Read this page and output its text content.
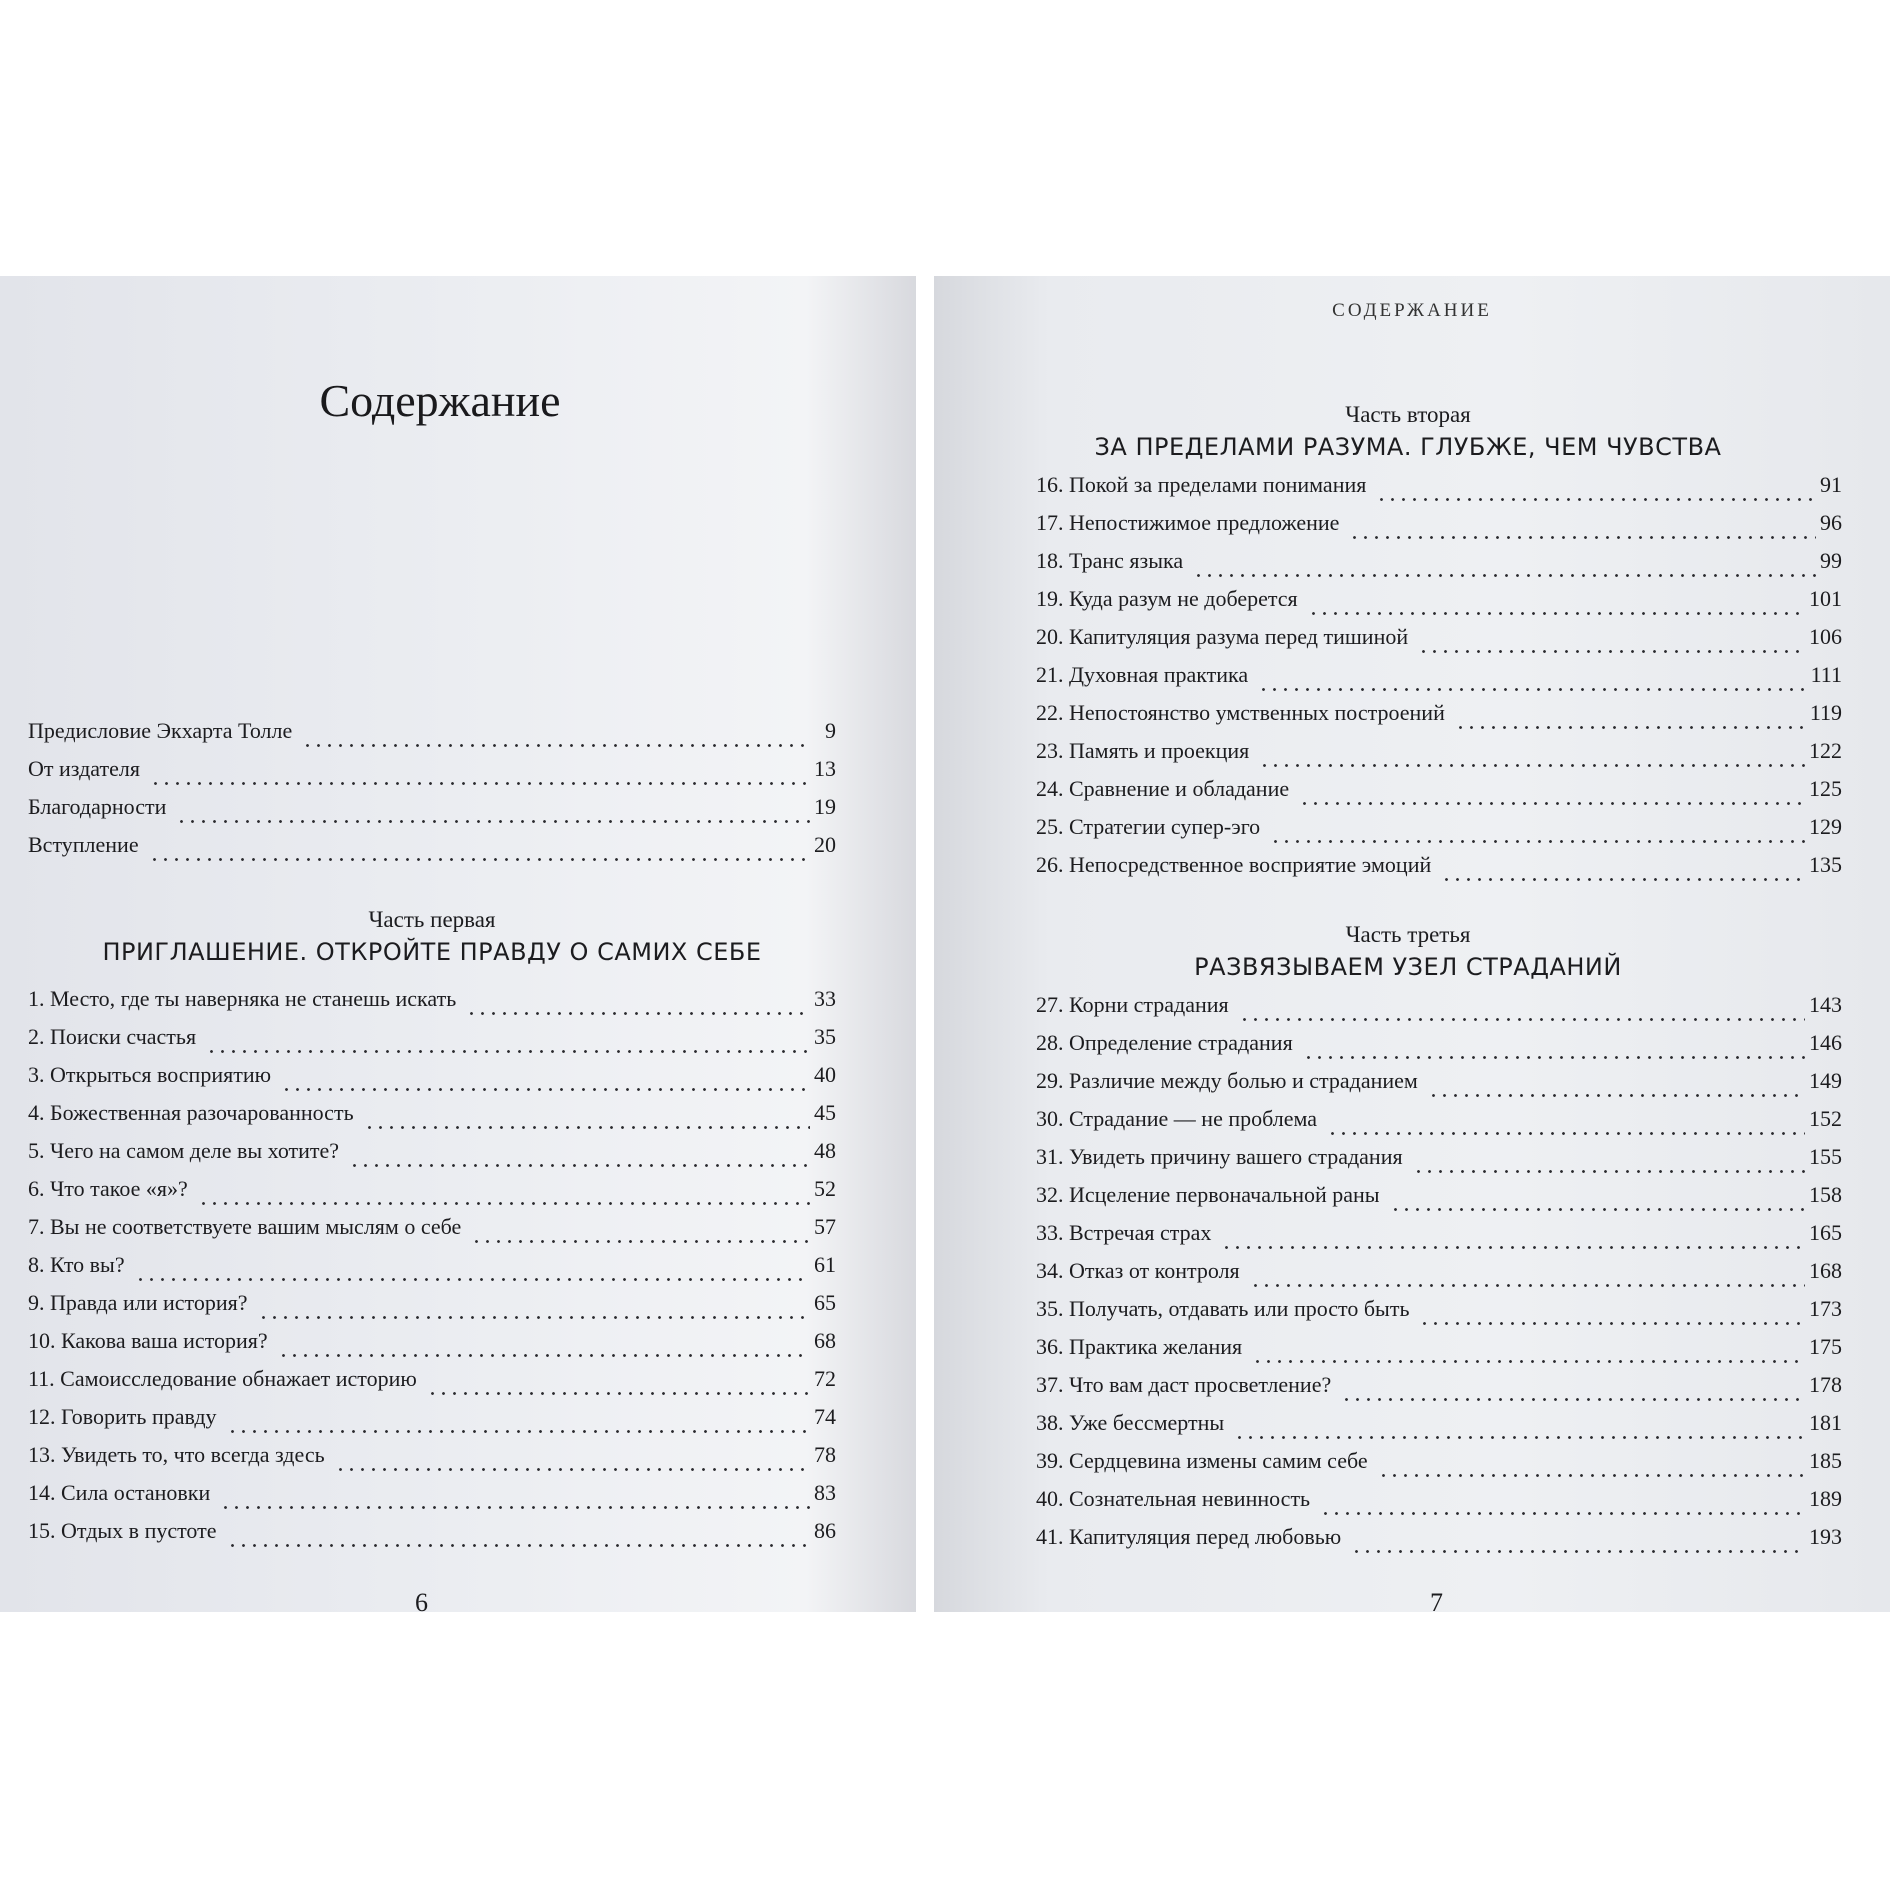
Содержание
Предисловие Экхарта Толле	9
От издателя	13
Благодарности	19
Вступление	20
Часть первая
ПРИГЛАШЕНИЕ. ОТКРОЙТЕ ПРАВДУ О САМИХ СЕБЕ
1. Место, где ты наверняка не станешь искать	33
2. Поиски счастья	35
3. Открыться восприятию	40
4. Божественная разочарованность	45
5. Чего на самом деле вы хотите?	48
6. Что такое «я»?	52
7. Вы не соответствуете вашим мыслям о себе	57
8. Кто вы?	61
9. Правда или история?	65
10. Какова ваша история?	68
11. Самоисследование обнажает историю	72
12. Говорить правду	74
13. Увидеть то, что всегда здесь	78
14. Сила остановки	83
15. Отдых в пустоте	86
6
СОДЕРЖАНИЕ
Часть вторая
ЗА ПРЕДЕЛАМИ РАЗУМА. ГЛУБЖЕ, ЧЕМ ЧУВСТВА
16. Покой за пределами понимания	91
17. Непостижимое предложение	96
18. Транс языка	99
19. Куда разум не доберется	101
20. Капитуляция разума перед тишиной	106
21. Духовная практика	111
22. Непостоянство умственных построений	119
23. Память и проекция	122
24. Сравнение и обладание	125
25. Стратегии супер-эго	129
26. Непосредственное восприятие эмоций	135
Часть третья
РАЗВЯЗЫВАЕМ УЗЕЛ СТРАДАНИЙ
27. Корни страдания	143
28. Определение страдания	146
29. Различие между болью и страданием	149
30. Страдание — не проблема	152
31. Увидеть причину вашего страдания	155
32. Исцеление первоначальной раны	158
33. Встречая страх	165
34. Отказ от контроля	168
35. Получать, отдавать или просто быть	173
36. Практика желания	175
37. Что вам даст просветление?	178
38. Уже бессмертны	181
39. Сердцевина измены самим себе	185
40. Сознательная невинность	189
41. Капитуляция перед любовью	193
7
